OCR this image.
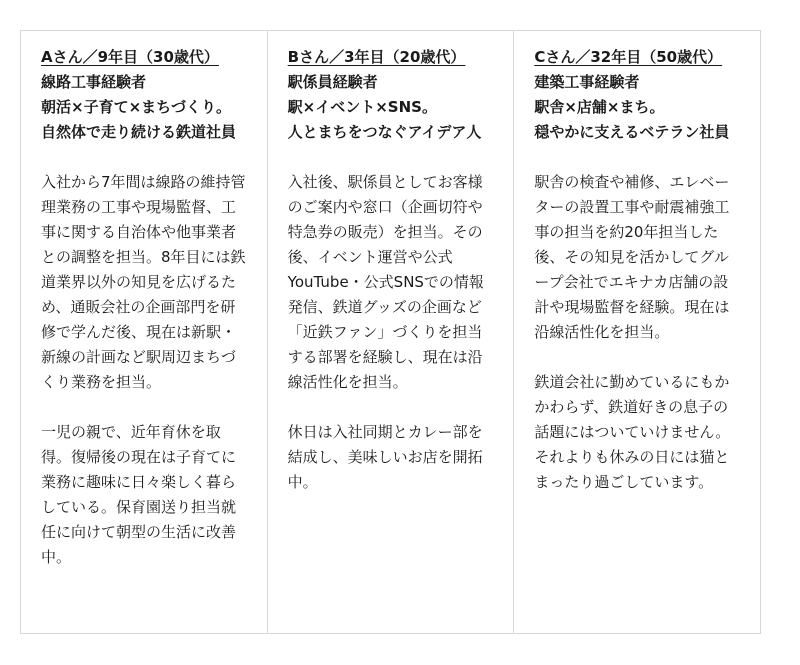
Aさん／9年目（30歳代）
線路工事経験者
朝活×子育て×まちづくり。
自然体で走り続ける鉄道社員

入社から7年間は線路の維持管理業務の工事や現場監督、工事に関する自治体や他事業者との調整を担当。8年目には鉄道業界以外の知見を広げるため、通販会社の企画部門を研修で学んだ後、現在は新駅・新線の計画など駅周辺まちづくり業務を担当。

一児の親で、近年育休を取得。復帰後の現在は子育てに業務に趣味に日々楽しく暮らしている。保育園送り担当就任に向けて朝型の生活に改善中。

Bさん／3年目（20歳代）
駅係員経験者
駅×イベント×SNS。
人とまちをつなぐアイデア人

入社後、駅係員としてお客様のご案内や窓口（企画切符や特急券の販売）を担当。その後、イベント運営や公式YouTube・公式SNSでの情報発信、鉄道グッズの企画など「近鉄ファン」づくりを担当する部署を経験し、現在は沿線活性化を担当。

休日は入社同期とカレー部を結成し、美味しいお店を開拓中。

Cさん／32年目（50歳代）
建築工事経験者
駅舎×店舗×まち。
穏やかに支えるベテラン社員

駅舎の検査や補修、エレベーターの設置工事や耐震補強工事の担当を約20年担当した後、その知見を活かしてグループ会社でエキナカ店舗の設計や現場監督を経験。現在は沿線活性化を担当。

鉄道会社に勤めているにもかかわらず、鉄道好きの息子の話題にはついていけません。それよりも休みの日には猫とまったり過ごしています。
